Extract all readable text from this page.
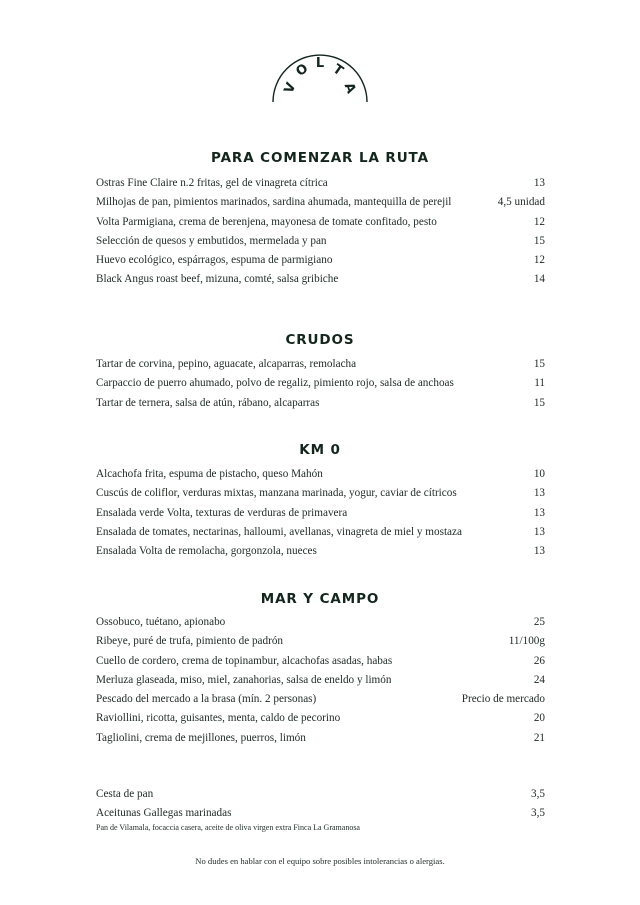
V
O L T
A
PARA COMENZAR LA RUTA
Ostras Fine Claire n.2 fritas, gel de vinagreta cítrica	13
Milhojas de pan, pimientos marinados, sardina ahumada, mantequilla de perejil	4,5 unidad
Volta Parmigiana, crema de berenjena, mayonesa de tomate confitado, pesto	12
Selección de quesos y embutidos, mermelada y pan	15
Huevo ecológico, espárragos, espuma de parmigiano	12
Black Angus roast beef, mizuna, comté, salsa gribiche	14
CRUDOS
Tartar de corvina, pepino, aguacate, alcaparras, remolacha	15
Carpaccio de puerro ahumado, polvo de regaliz, pimiento rojo, salsa de anchoas	11
Tartar de ternera, salsa de atún, rábano, alcaparras	15
KM 0
Alcachofa frita, espuma de pistacho, queso Mahón	10
Cuscús de coliflor, verduras mixtas, manzana marinada, yogur, caviar de cítricos	13
Ensalada verde Volta, texturas de verduras de primavera	13
Ensalada de tomates, nectarinas, halloumi, avellanas, vinagreta de miel y mostaza	13
Ensalada Volta de remolacha, gorgonzola, nueces	13
MAR Y CAMPO
Ossobuco, tuétano, apionabo	25
Ribeye, puré de trufa, pimiento de padrón	11/100g
Cuello de cordero, crema de topinambur, alcachofas asadas, habas	26
Merluza glaseada, miso, miel, zanahorias, salsa de eneldo y limón	24
Pescado del mercado a la brasa (mín. 2 personas)	Precio de mercado
Raviollini, ricotta, guisantes, menta, caldo de pecorino	20
Tagliolini, crema de mejillones, puerros, limón	21
Cesta de pan	3,5
Aceitunas Gallegas marinadas	3,5
Pan de Vilamala, focaccia casera, aceite de oliva virgen extra Finca La Gramanosa
No dudes en hablar con el equipo sobre posibles intolerancias o alergias.
